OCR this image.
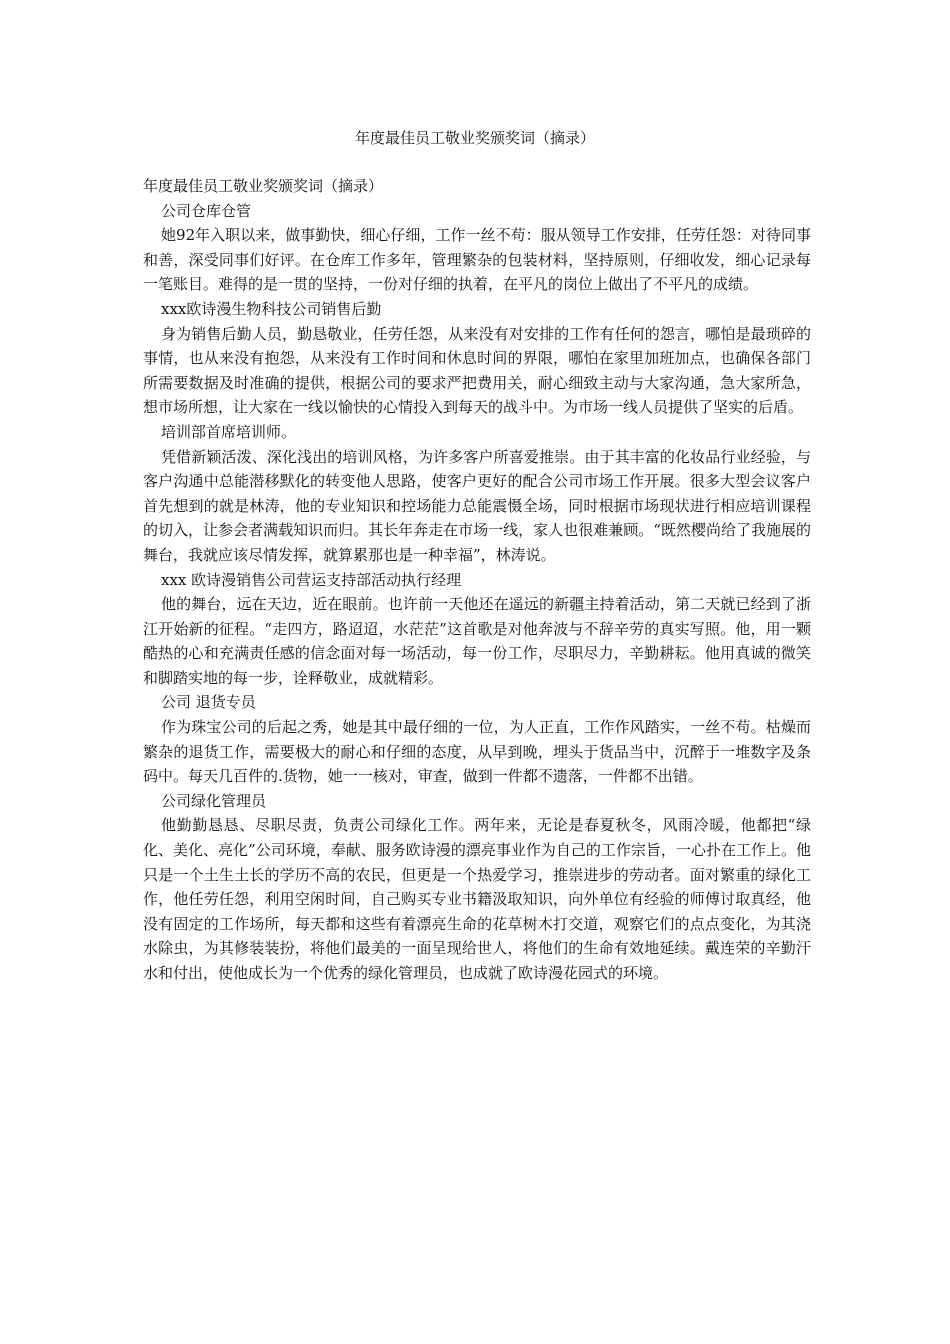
年度最佳员工敬业奖颁奖词（摘录）

年度最佳员工敬业奖颁奖词（摘录）

公司仓库仓管

她92年入职以来，做事勤快，细心仔细，工作一丝不苟：服从领导工作安排，任劳任怨：对待同事和善，深受同事们好评。在仓库工作多年，管理繁杂的包装材料，坚持原则，仔细收发，细心记录每一笔账目。难得的是一贯的坚持，一份对仔细的执着，在平凡的岗位上做出了不平凡的成绩。

xxx欧诗漫生物科技公司销售后勤

身为销售后勤人员，勤恳敬业，任劳任怨，从来没有对安排的工作有任何的怨言，哪怕是最琐碎的事情，也从来没有抱怨，从来没有工作时间和休息时间的界限，哪怕在家里加班加点，也确保各部门所需要数据及时准确的提供，根据公司的要求严把费用关，耐心细致主动与大家沟通，急大家所急，想市场所想，让大家在一线以愉快的心情投入到每天的战斗中。为市场一线人员提供了坚实的后盾。

培训部首席培训师。

凭借新颖活泼、深化浅出的培训风格，为许多客户所喜爱推崇。由于其丰富的化妆品行业经验，与客户沟通中总能潜移默化的转变他人思路，使客户更好的配合公司市场工作开展。很多大型会议客户首先想到的就是林涛，他的专业知识和控场能力总能震慑全场，同时根据市场现状进行相应培训课程的切入，让参会者满载知识而归。其长年奔走在市场一线，家人也很难兼顾。“既然樱尚给了我施展的舞台，我就应该尽情发挥，就算累那也是一种幸福”，林涛说。

xxx 欧诗漫销售公司营运支持部活动执行经理

他的舞台，远在天边，近在眼前。也许前一天他还在遥远的新疆主持着活动，第二天就已经到了浙江开始新的征程。“走四方，路迢迢，水茫茫”这首歌是对他奔波与不辞辛劳的真实写照。他，用一颗酷热的心和充满责任感的信念面对每一场活动，每一份工作，尽职尽力，辛勤耕耘。他用真诚的微笑和脚踏实地的每一步，诠释敬业，成就精彩。

公司 退货专员

作为珠宝公司的后起之秀，她是其中最仔细的一位，为人正直，工作作风踏实，一丝不苟。枯燥而繁杂的退货工作，需要极大的耐心和仔细的态度，从早到晚，埋头于货品当中，沉醉于一堆数字及条码中。每天几百件的.货物，她一一核对，审查，做到一件都不遗落，一件都不出错。

公司绿化管理员

他勤勤恳恳、尽职尽责，负责公司绿化工作。两年来，无论是春夏秋冬，风雨冷暖，他都把“绿化、美化、亮化”公司环境，奉献、服务欧诗漫的漂亮事业作为自己的工作宗旨，一心扑在工作上。他只是一个土生土长的学历不高的农民，但更是一个热爱学习，推崇进步的劳动者。面对繁重的绿化工作，他任劳任怨，利用空闲时间，自己购买专业书籍汲取知识，向外单位有经验的师傅讨取真经，他没有固定的工作场所，每天都和这些有着漂亮生命的花草树木打交道，观察它们的点点变化，为其浇水除虫，为其修装装扮，将他们最美的一面呈现给世人，将他们的生命有效地延续。戴连荣的辛勤汗水和付出，使他成长为一个优秀的绿化管理员，也成就了欧诗漫花园式的环境。
